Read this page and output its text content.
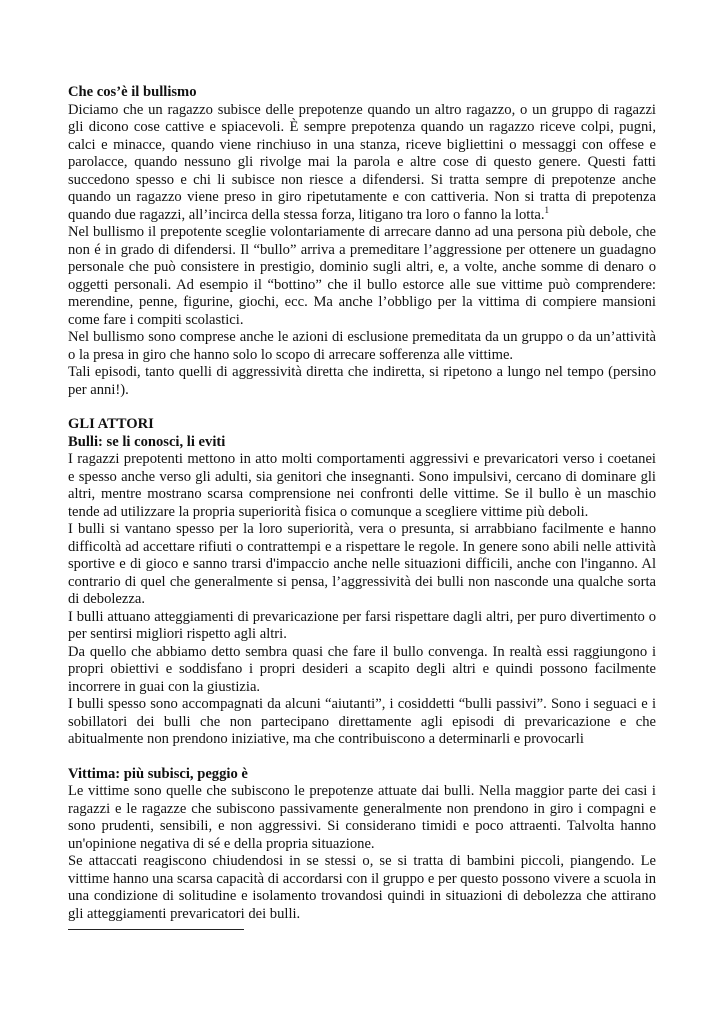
Che cos’è il bullismo

Diciamo che un ragazzo subisce delle prepotenze quando un altro ragazzo, o un gruppo di ragazzi gli dicono cose cattive e spiacevoli. È sempre prepotenza quando un ragazzo riceve colpi, pugni, calci e minacce, quando viene rinchiuso in una stanza, riceve bigliettini o messaggi con offese e parolacce, quando nessuno gli rivolge mai la parola e altre cose di questo genere. Questi fatti succedono spesso e chi li subisce non riesce a difendersi. Si tratta sempre di prepotenze anche quando un ragazzo viene preso in giro ripetutamente e con cattiveria. Non si tratta di prepotenza quando due ragazzi, all’incirca della stessa forza, litigano tra loro o fanno la lotta.$^1$

Nel bullismo il prepotente sceglie volontariamente di arrecare danno ad una persona più debole, che non é in grado di difendersi. Il “bullo” arriva a premeditare l’aggressione per ottenere un guadagno personale che può consistere in prestigio, dominio sugli altri, e, a volte, anche somme di denaro o oggetti personali. Ad esempio il “bottino” che il bullo estorce alle sue vittime può comprendere: merendine, penne, figurine, giochi, ecc. Ma anche l’obbligo per la vittima di compiere mansioni come fare i compiti scolastici.

Nel bullismo sono comprese anche le azioni di esclusione premeditata da un gruppo o da un’attività o la presa in giro che hanno solo lo scopo di arrecare sofferenza alle vittime.

Tali episodi, tanto quelli di aggressività diretta che indiretta, si ripetono a lungo nel tempo (persino per anni!).

GLI ATTORI

Bulli: se li conosci, li eviti

I ragazzi prepotenti mettono in atto molti comportamenti aggressivi e prevaricatori verso i coetanei e spesso anche verso gli adulti, sia genitori che insegnanti. Sono impulsivi, cercano di dominare gli altri, mentre mostrano scarsa comprensione nei confronti delle vittime. Se il bullo è un maschio tende ad utilizzare la propria superiorità fisica o comunque a scegliere vittime più deboli.

I bulli si vantano spesso per la loro superiorità, vera o presunta, si arrabbiano facilmente e hanno difficoltà ad accettare rifiuti o contrattempi e a rispettare le regole. In genere sono abili nelle attività sportive e di gioco e sanno trarsi d'impaccio anche nelle situazioni difficili, anche con l'inganno. Al contrario di quel che generalmente si pensa, l’aggressività dei bulli non nasconde una qualche sorta di debolezza.

I bulli attuano atteggiamenti di prevaricazione per farsi rispettare dagli altri, per puro divertimento o per sentirsi migliori rispetto agli altri.

Da quello che abbiamo detto sembra quasi che fare il bullo convenga. In realtà essi raggiungono i propri obiettivi e soddisfano i propri desideri a scapito degli altri e quindi possono facilmente incorrere in guai con la giustizia.

I bulli spesso sono accompagnati da alcuni “aiutanti”, i cosiddetti “bulli passivi”. Sono i seguaci e i sobillatori dei bulli che non partecipano direttamente agli episodi di prevaricazione e che abitualmente non prendono iniziative, ma che contribuiscono a determinarli e provocarli

Vittima: più subisci, peggio è

Le vittime sono quelle che subiscono le prepotenze attuate dai bulli. Nella maggior parte dei casi i ragazzi e le ragazze che subiscono passivamente generalmente non prendono in giro i compagni e sono prudenti, sensibili, e non aggressivi. Si considerano timidi e poco attraenti. Talvolta hanno un'opinione negativa di sé e della propria situazione.

Se attaccati reagiscono chiudendosi in se stessi o, se si tratta di bambini piccoli, piangendo. Le vittime hanno una scarsa capacità di accordarsi con il gruppo e per questo possono vivere a scuola in una condizione di solitudine e isolamento trovandosi quindi in situazioni di debolezza che attirano gli atteggiamenti prevaricatori dei bulli.
